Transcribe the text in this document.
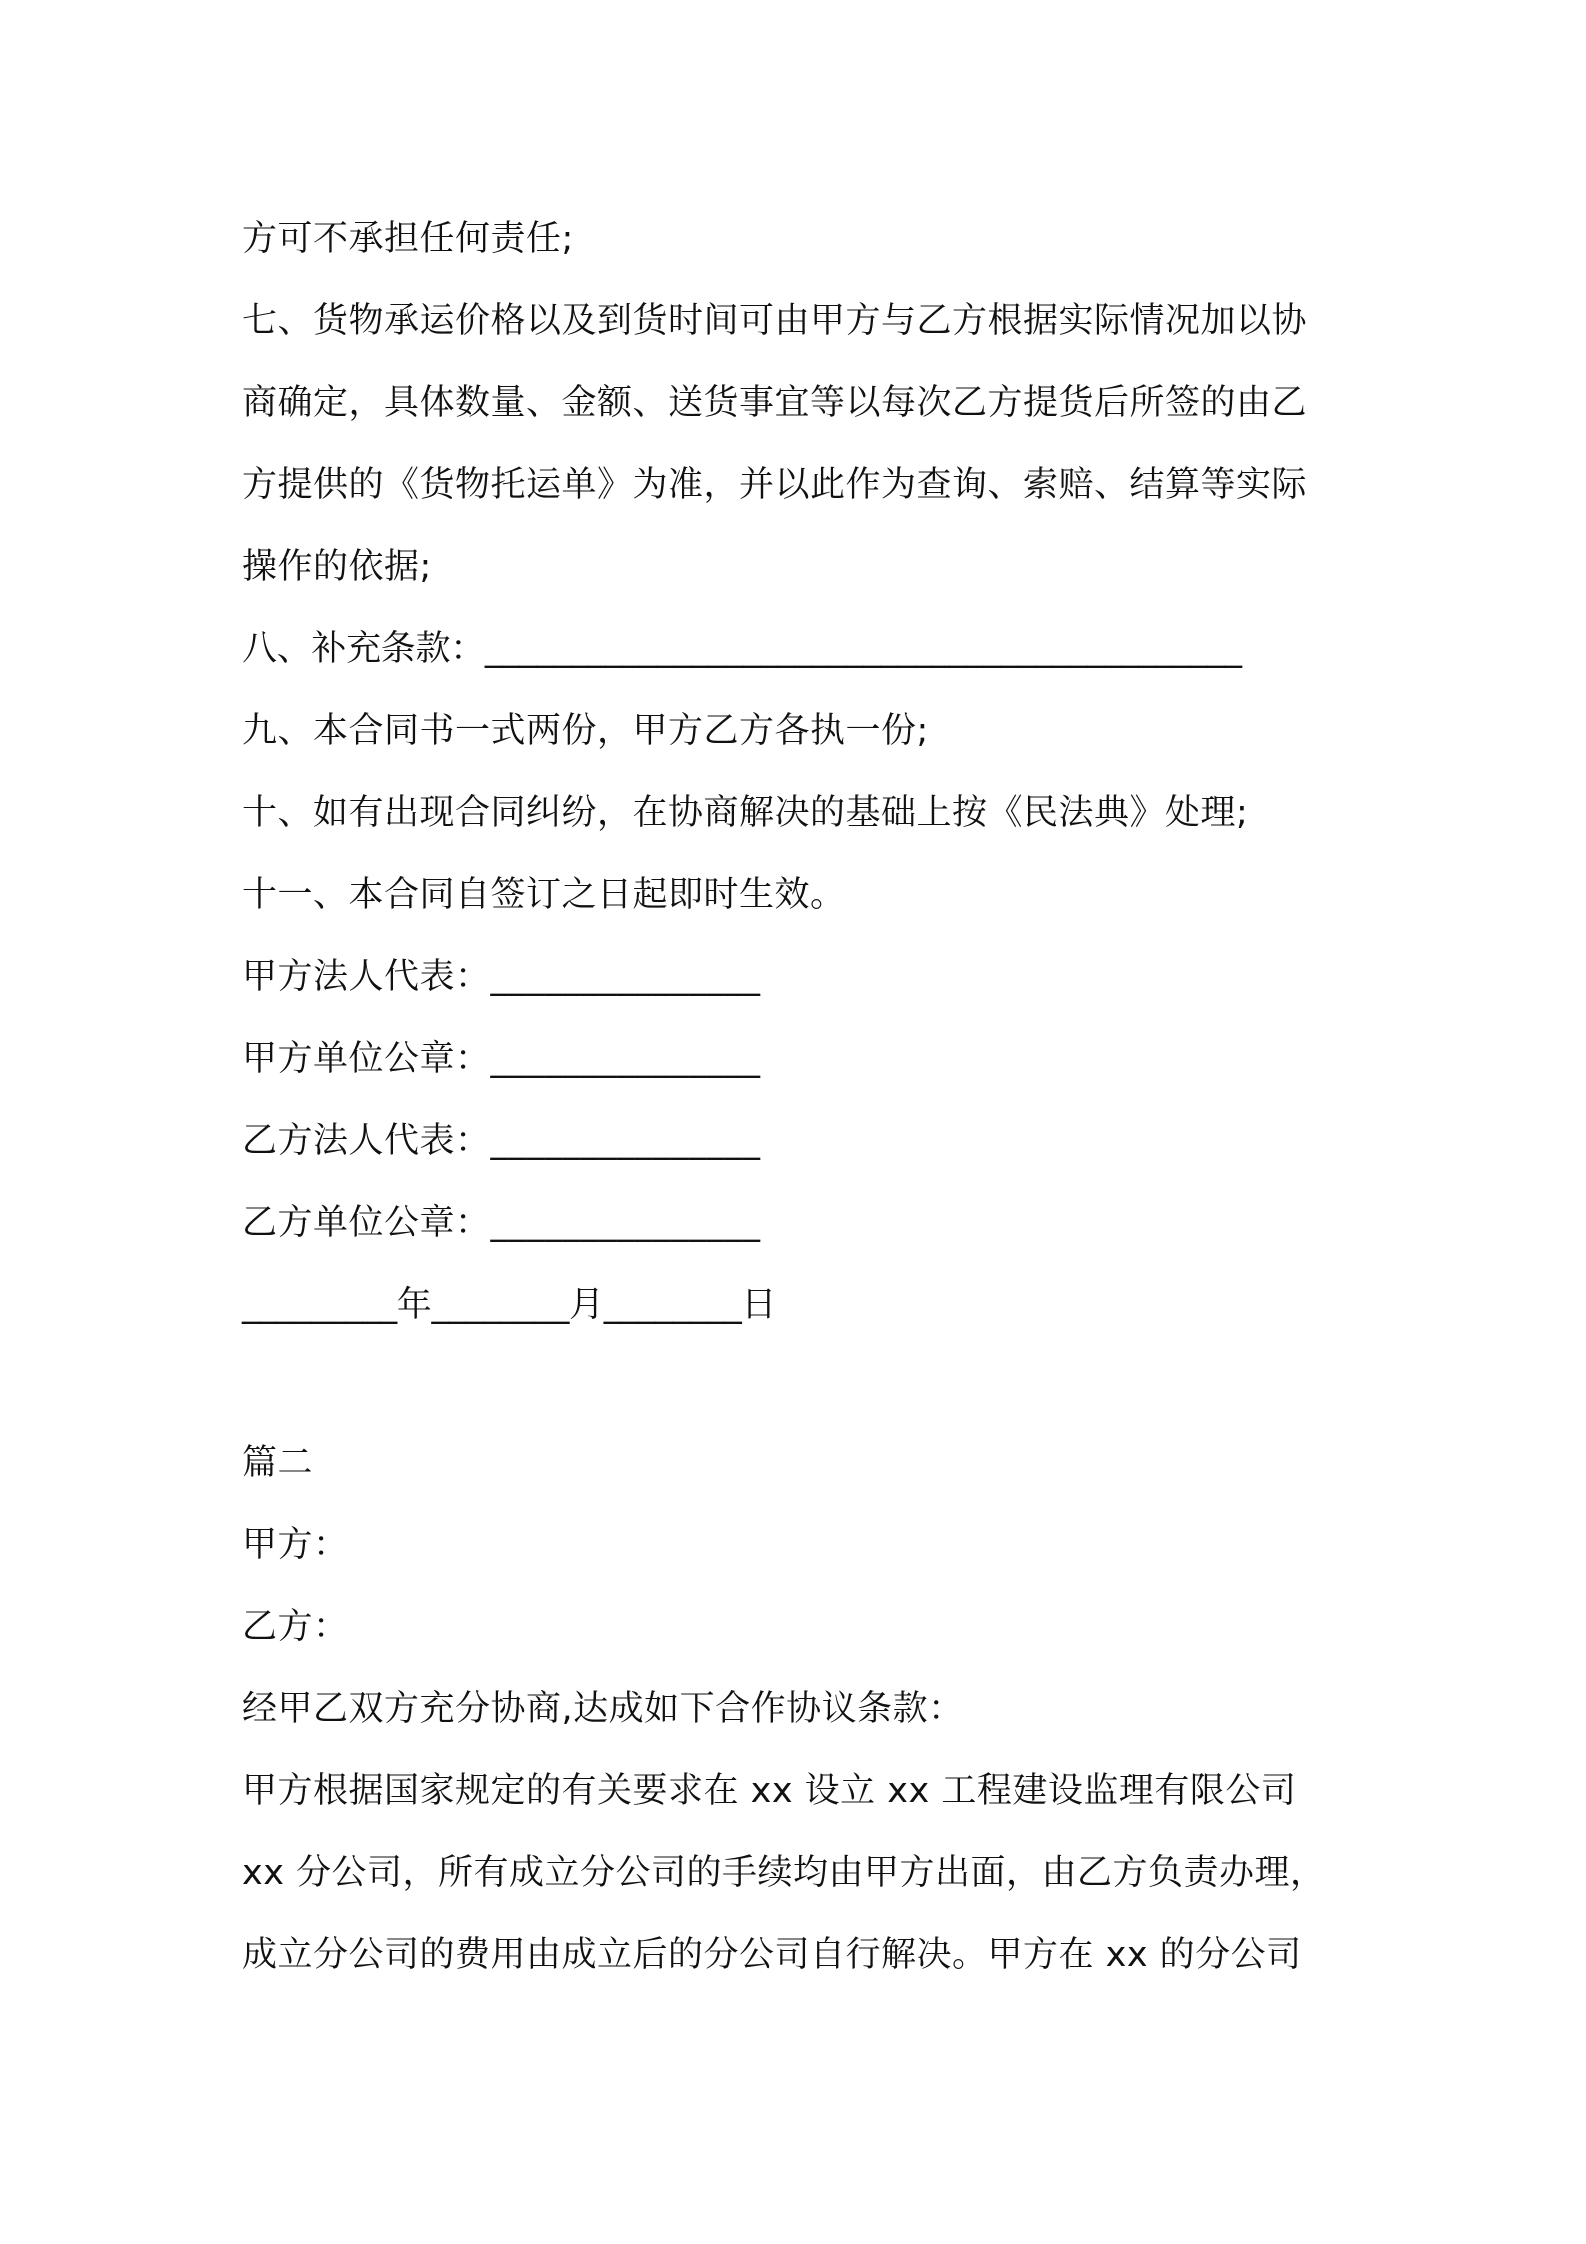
方可不承担任何责任;
七、货物承运价格以及到货时间可由甲方与乙方根据实际情况加以协
商确定，具体数量、金额、送货事宜等以每次乙方提货后所签的由乙
方提供的《货物托运单》为准，并以此作为查询、索赔、结算等实际
操作的依据;
八、补充条款：____________________________________________
九、本合同书一式两份，甲方乙方各执一份;
十、如有出现合同纠纷，在协商解决的基础上按《民法典》处理;
十一、本合同自签订之日起即时生效。
甲方法人代表：_______________
甲方单位公章：_______________
乙方法人代表：_______________
乙方单位公章：_______________
_________年________月________日
篇二
甲方：
乙方：
经甲乙双方充分协商,达成如下合作协议条款：
甲方根据国家规定的有关要求在 xx 设立 xx 工程建设监理有限公司
xx 分公司，所有成立分公司的手续均由甲方出面，由乙方负责办理，
成立分公司的费用由成立后的分公司自行解决。甲方在 xx 的分公司
